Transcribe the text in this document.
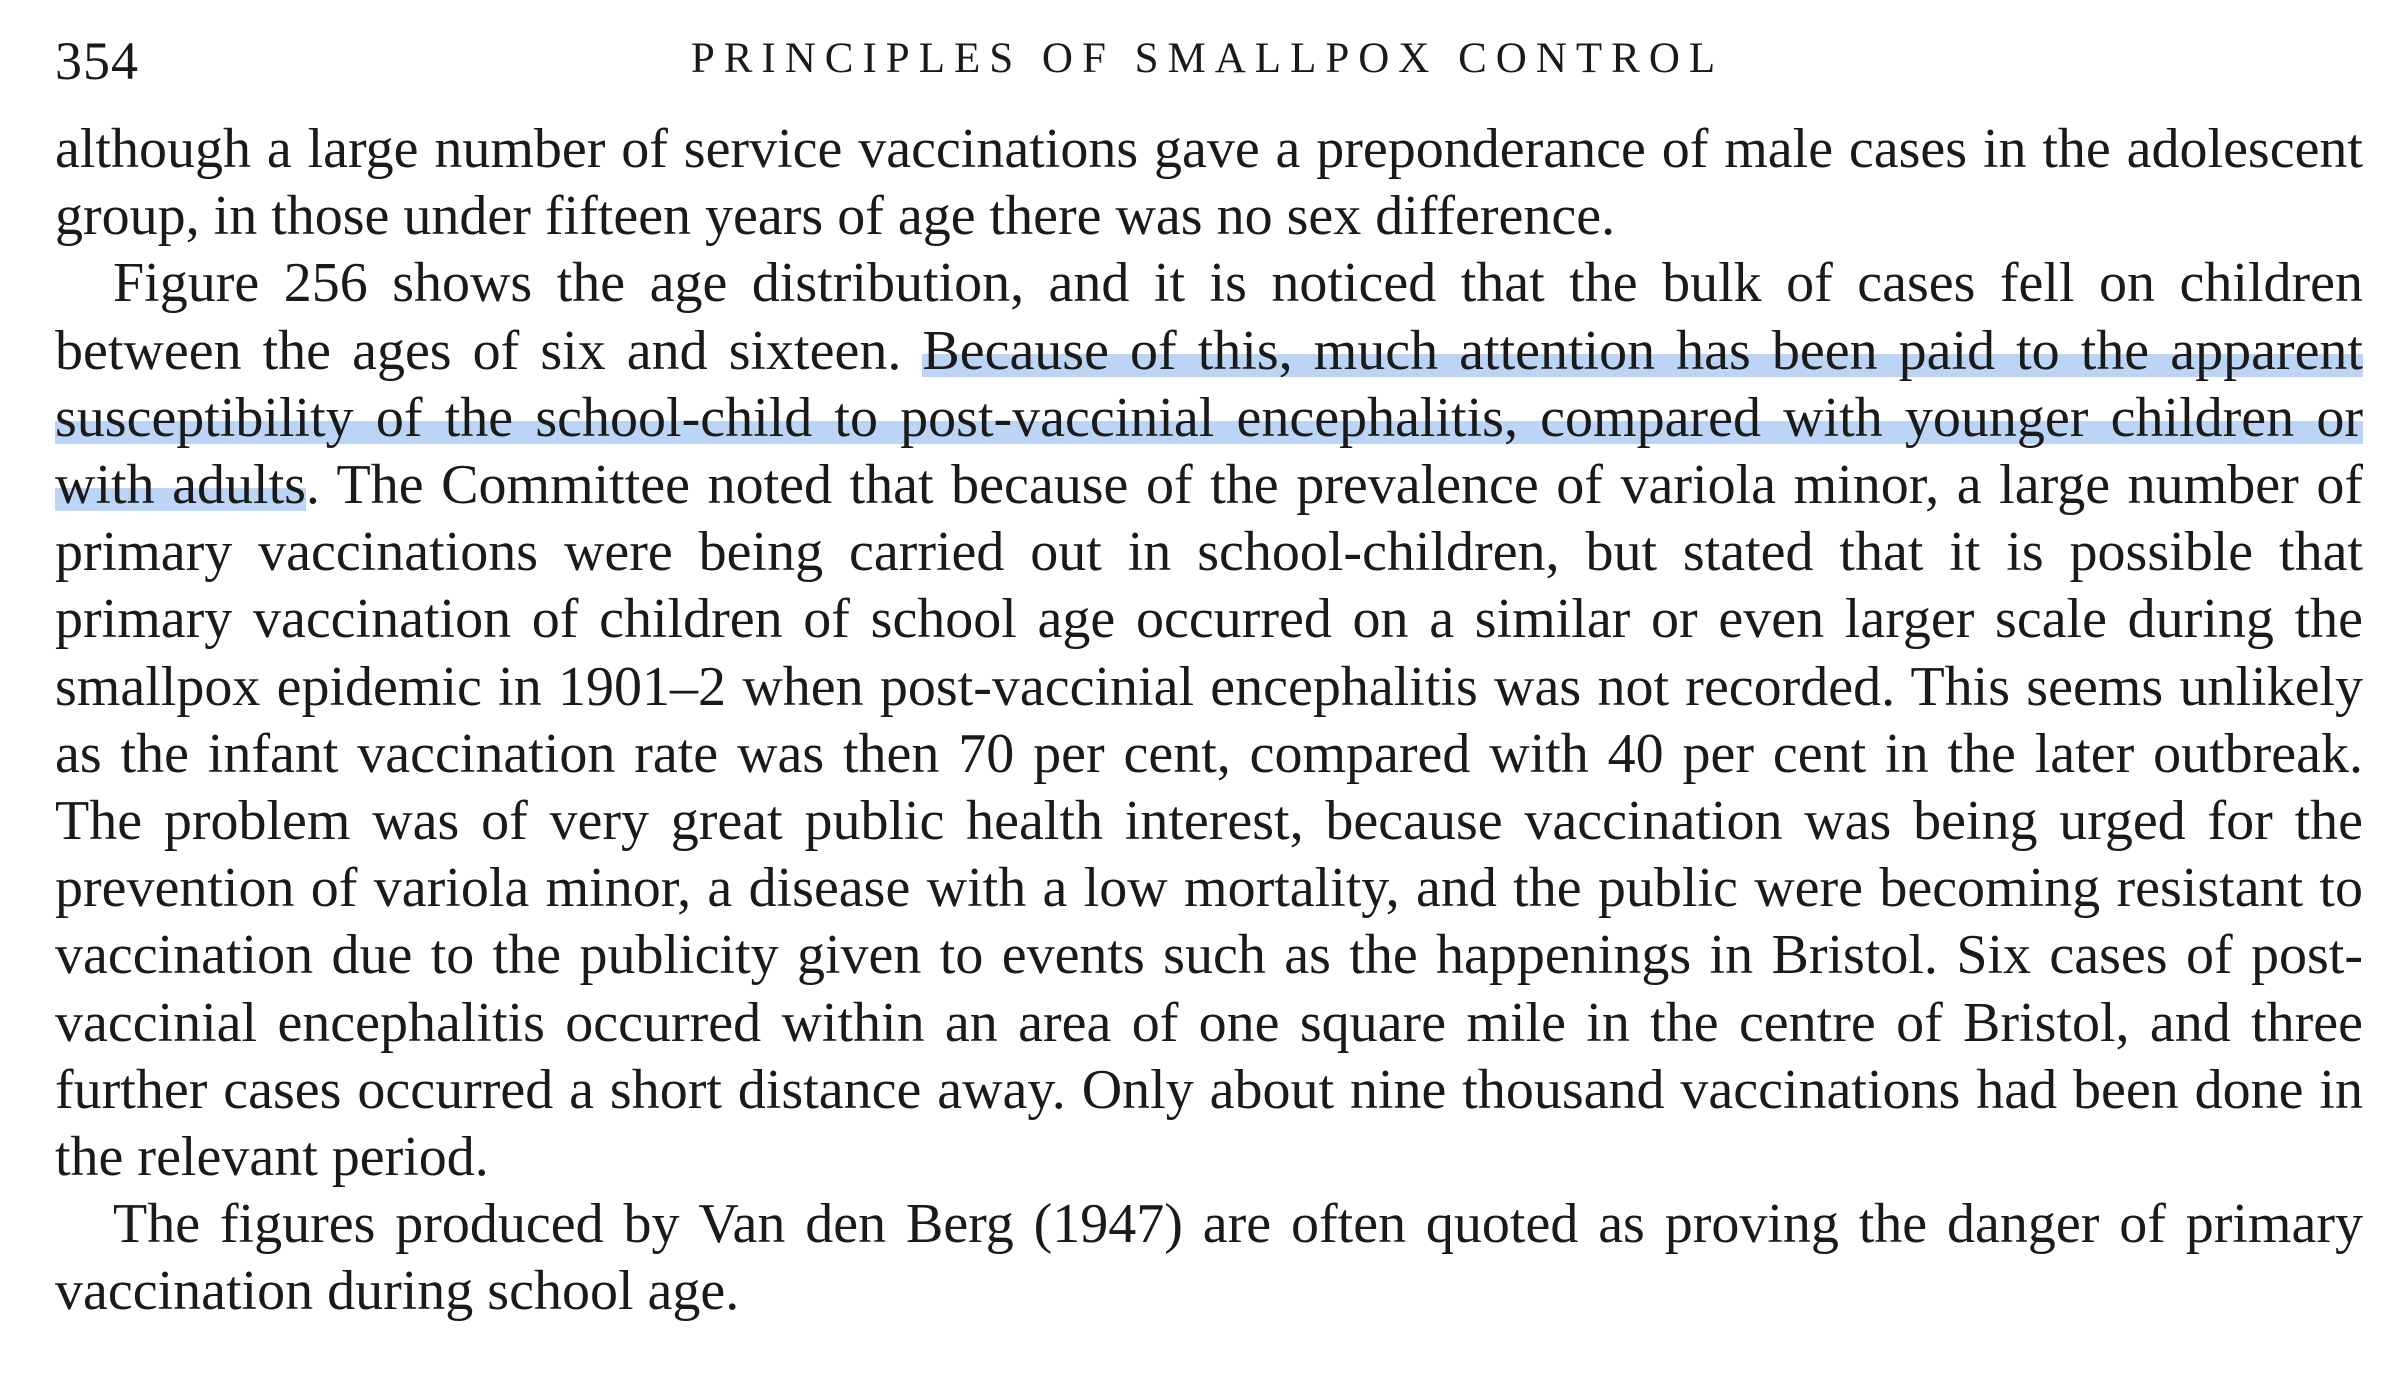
354	PRINCIPLES OF SMALLPOX CONTROL

although a large number of service vaccinations gave a preponderance of male cases in the adolescent group, in those under fifteen years of age there was no sex difference.

Figure 256 shows the age distribution, and it is noticed that the bulk of cases fell on children between the ages of six and sixteen. Because of this, much attention has been paid to the apparent susceptibility of the school-child to post-vaccinial encephalitis, compared with younger children or with adults. The Committee noted that because of the prevalence of variola minor, a large number of primary vaccinations were being carried out in school-children, but stated that it is possible that primary vaccination of children of school age occurred on a similar or even larger scale during the smallpox epidemic in 1901–2 when post-vaccinial encephalitis was not recorded. This seems unlikely as the infant vaccination rate was then 70 per cent, compared with 40 per cent in the later outbreak. The problem was of very great public health interest, because vaccination was being urged for the prevention of variola minor, a disease with a low mortality, and the public were becoming resistant to vaccination due to the publicity given to events such as the happenings in Bristol. Six cases of post-vaccinial encephalitis occurred within an area of one square mile in the centre of Bristol, and three further cases occurred a short distance away. Only about nine thousand vaccinations had been done in the relevant period.

The figures produced by Van den Berg (1947) are often quoted as proving the danger of primary vaccination during school age.
